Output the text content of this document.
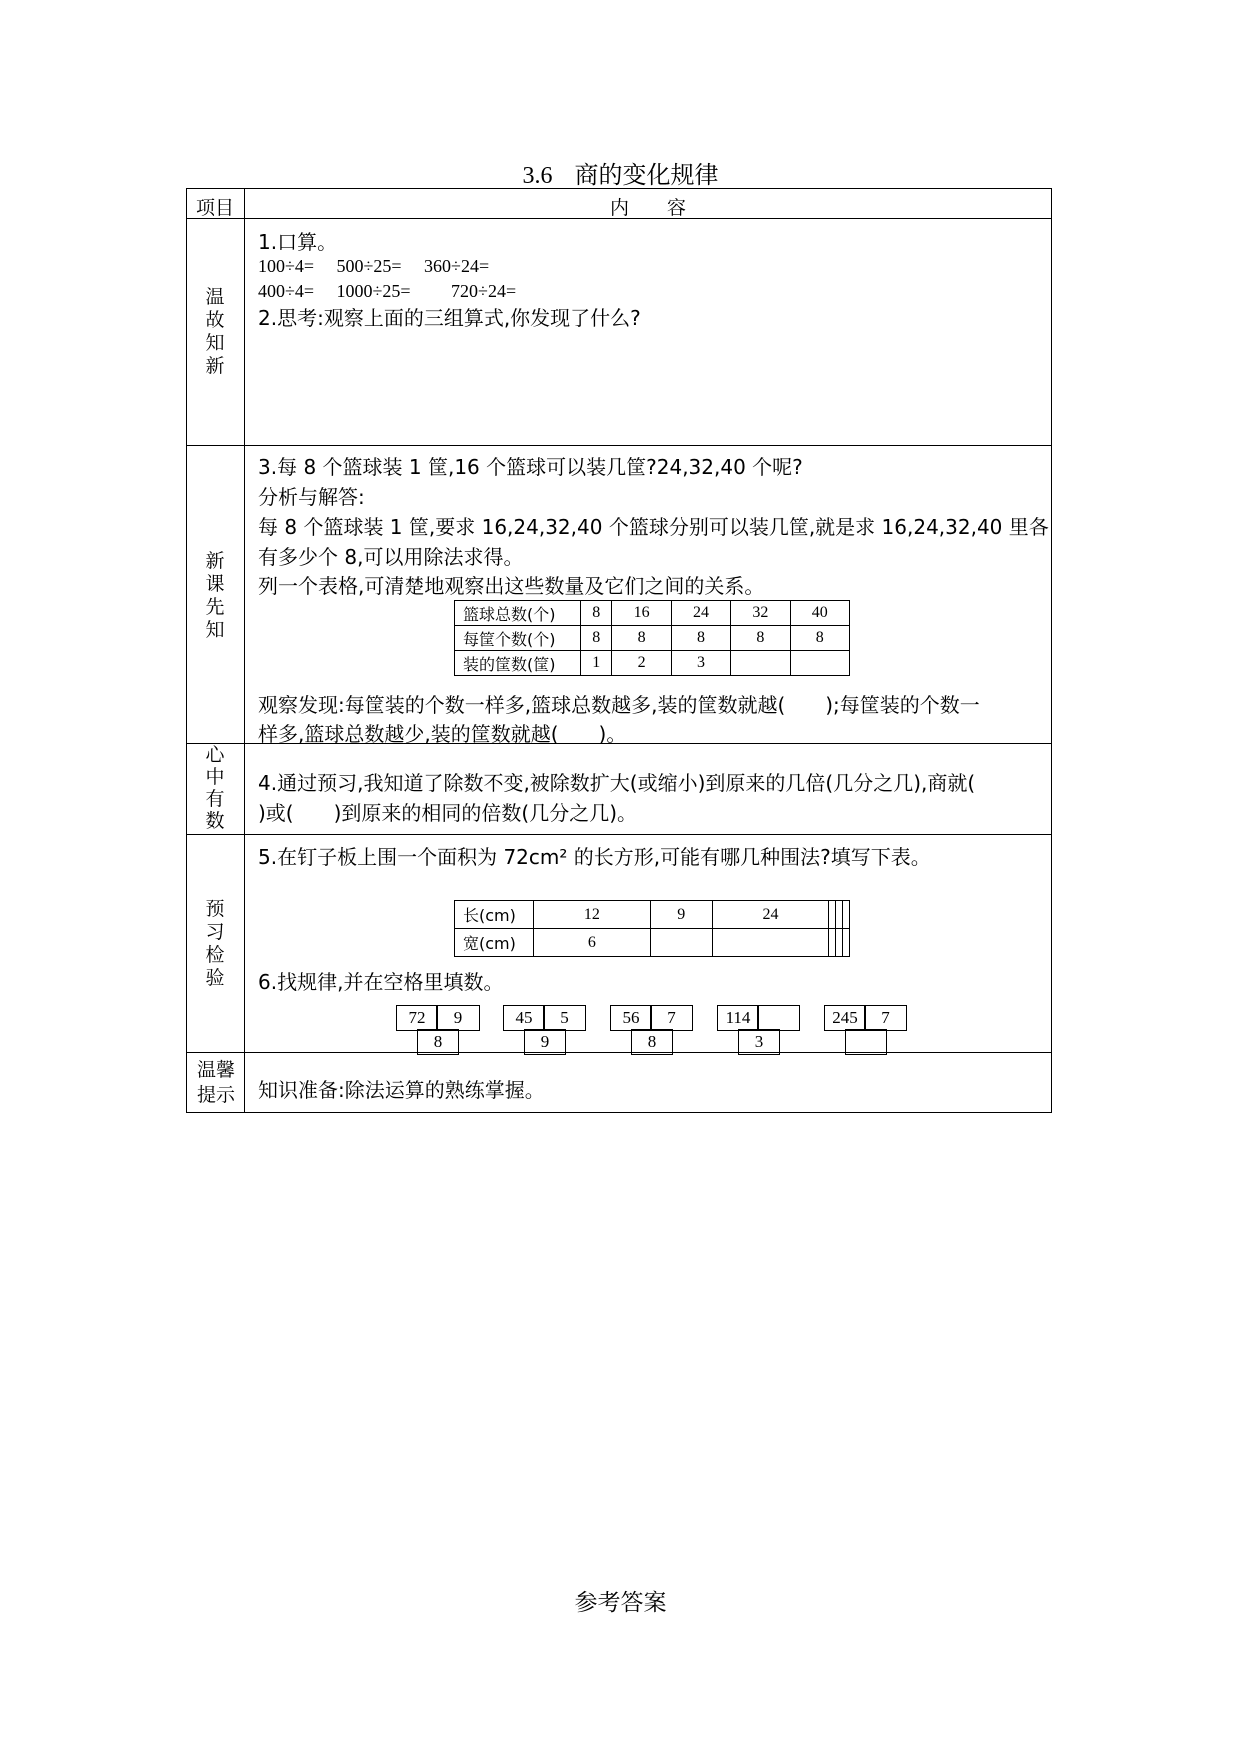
3.6 商的变化规律
项目	内　　容
温故知新
1.口算。
100÷4=　 500÷25=　 360÷24=
400÷4=　 1000÷25=　　 720÷24=
2.思考:观察上面的三组算式,你发现了什么?
新课先知
3.每 8 个篮球装 1 筐,16 个篮球可以装几筐?24,32,40 个呢?
分析与解答:
每 8 个篮球装 1 筐,要求 16,24,32,40 个篮球分别可以装几筐,就是求 16,24,32,40 里各
有多少个 8,可以用除法求得。
列一个表格,可清楚地观察出这些数量及它们之间的关系。
篮球总数(个)	8	16	24	32	40
每筐个数(个)	8	8	8	8	8
装的筐数(筐)	1	2	3		
观察发现:每筐装的个数一样多,篮球总数越多,装的筐数就越(　　);每筐装的个数一
样多,篮球总数越少,装的筐数就越(　　)。
心中有数
4.通过预习,我知道了除数不变,被除数扩大(或缩小)到原来的几倍(几分之几),商就(
)或(　　)到原来的相同的倍数(几分之几)。
预习检验
5.在钉子板上围一个面积为 72cm² 的长方形,可能有哪几种围法?填写下表。
长(cm)	12	9	24			
宽(cm)	6					
6.找规律,并在空格里填数。
72	9
8
45	5
9
56	7
8
114
3
245	7
温馨提示 知识准备:除法运算的熟练掌握。
参考答案
